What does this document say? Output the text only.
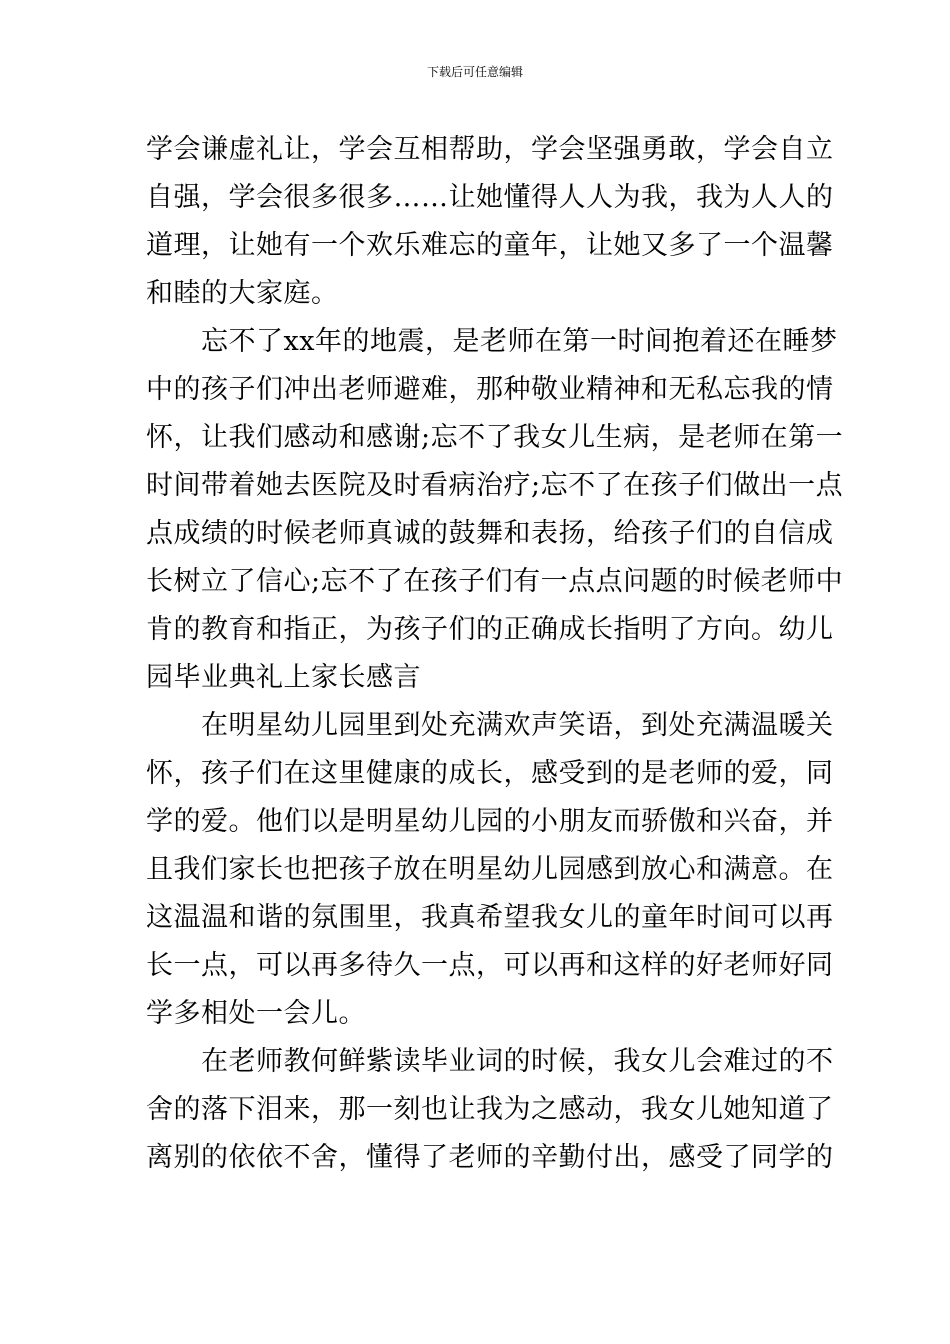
下载后可任意编辑
学会谦虚礼让，学会互相帮助，学会坚强勇敢，学会自立
自强，学会很多很多……让她懂得人人为我，我为人人的
道理，让她有一个欢乐难忘的童年，让她又多了一个温馨
和睦的大家庭。
忘不了xx年的地震，是老师在第一时间抱着还在睡梦
中的孩子们冲出老师避难，那种敬业精神和无私忘我的情
怀，让我们感动和感谢;忘不了我女儿生病，是老师在第一
时间带着她去医院及时看病治疗;忘不了在孩子们做出一点
点成绩的时候老师真诚的鼓舞和表扬，给孩子们的自信成
长树立了信心;忘不了在孩子们有一点点问题的时候老师中
肯的教育和指正，为孩子们的正确成长指明了方向。幼儿
园毕业典礼上家长感言
在明星幼儿园里到处充满欢声笑语，到处充满温暖关
怀，孩子们在这里健康的成长，感受到的是老师的爱，同
学的爱。他们以是明星幼儿园的小朋友而骄傲和兴奋，并
且我们家长也把孩子放在明星幼儿园感到放心和满意。在
这温温和谐的氛围里，我真希望我女儿的童年时间可以再
长一点，可以再多待久一点，可以再和这样的好老师好同
学多相处一会儿。
在老师教何鲜紫读毕业词的时候，我女儿会难过的不
舍的落下泪来，那一刻也让我为之感动，我女儿她知道了
离别的依依不舍，懂得了老师的辛勤付出，感受了同学的
